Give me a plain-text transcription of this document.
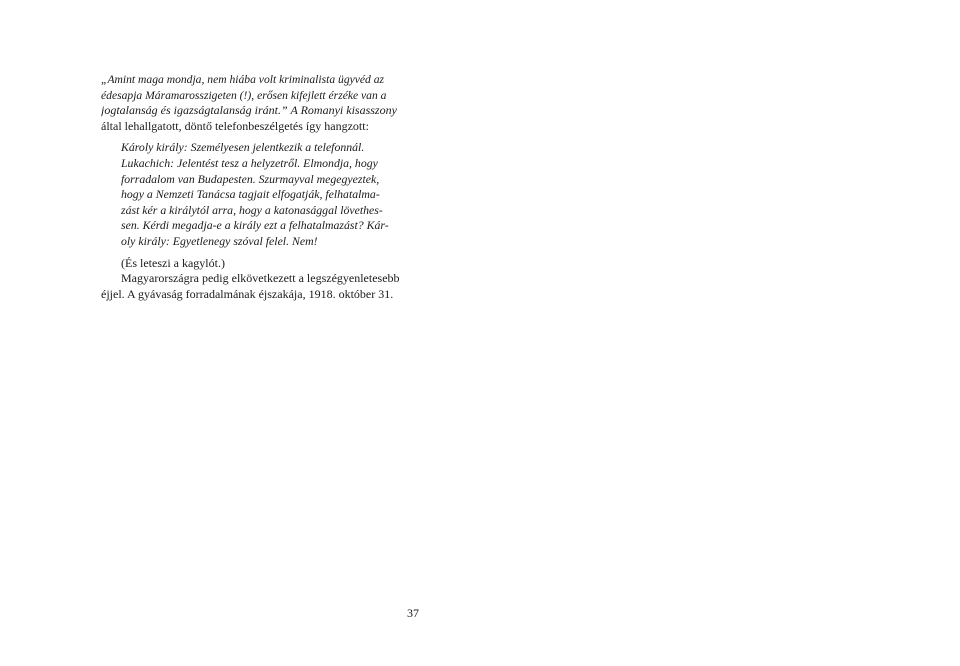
„Amint maga mondja, nem hiába volt kriminalista ügyvéd az
édesapja Máramarosszigeten (!), erősen kifejlett érzéke van a
jogtalanság és igazságtalanság iránt.” A Romanyi kisasszony
által lehallgatott, döntő telefonbeszélgetés így hangzott:
Károly király: Személyesen jelentkezik a telefonnál.
Lukachich: Jelentést tesz a helyzetről. Elmondja, hogy
forradalom van Budapesten. Szurmayval megegyeztek,
hogy a Nemzeti Tanácsa tagjait elfogatják, felhatalma-
zást kér a királytól arra, hogy a katonasággal lövethes-
sen. Kérdi megadja-e a király ezt a felhatalmazást? Kár-
oly király: Egyetlenegy szóval felel. Nem!
(És leteszi a kagylót.)
Magyarországra pedig elkövetkezett a legszégyenletesebb
éjjel. A gyávaság forradalmának éjszakája, 1918. október 31.
37
